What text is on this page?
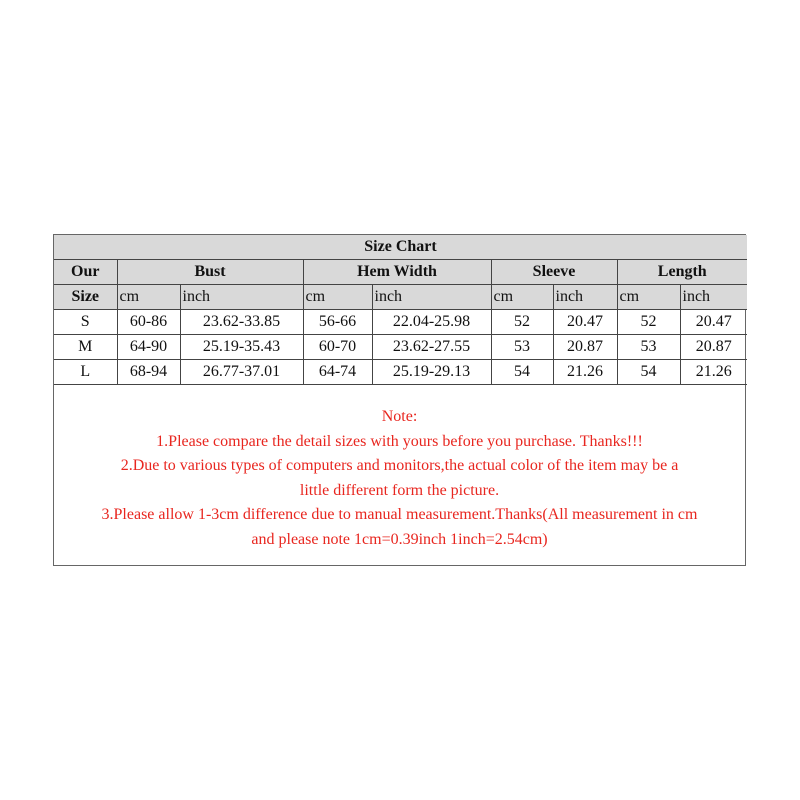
Size Chart								
Our	Bust		Hem Width		Sleeve		Length	
Size	cm	inch	cm	inch	cm	inch	cm	inch
S	60-86	23.62-33.85	56-66	22.04-25.98	52	20.47	52	20.47
M	64-90	25.19-35.43	60-70	23.62-27.55	53	20.87	53	20.87
L	68-94	26.77-37.01	64-74	25.19-29.13	54	21.26	54	21.26
Note:
1.Please compare the detail sizes with yours before you purchase. Thanks!!!
2.Due to various types of computers and monitors,the actual color of the item may be a
little different form the picture.
3.Please allow 1-3cm difference due to manual measurement.Thanks(All measurement in cm
and please note 1cm=0.39inch 1inch=2.54cm)
